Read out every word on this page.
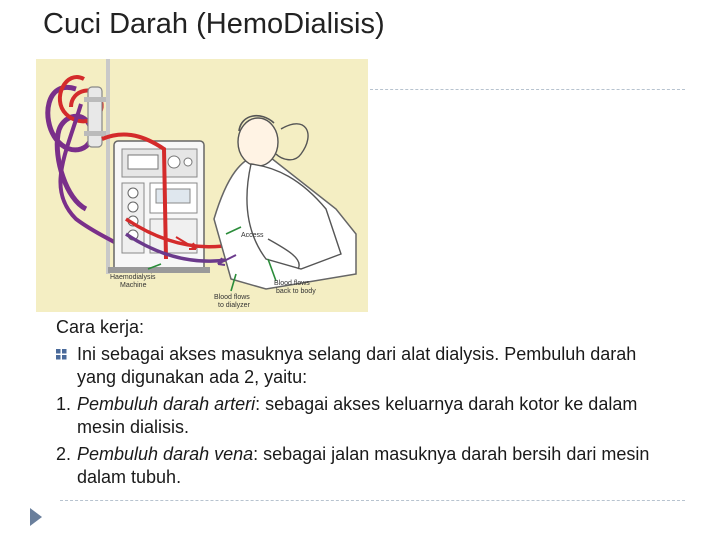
Cuci Darah (HemoDialisis)
Access
Haemodialysis
Machine
Blood flows
to dialyzer
Blood flows
back to body

Cara kerja:

Ini sebagai akses masuknya selang dari alat dialysis. Pembuluh darah yang digunakan ada 2, yaitu:

1. Pembuluh darah arteri: sebagai akses keluarnya darah kotor ke dalam mesin dialisis.

2. Pembuluh darah vena: sebagai jalan masuknya darah bersih dari mesin dalam tubuh.
